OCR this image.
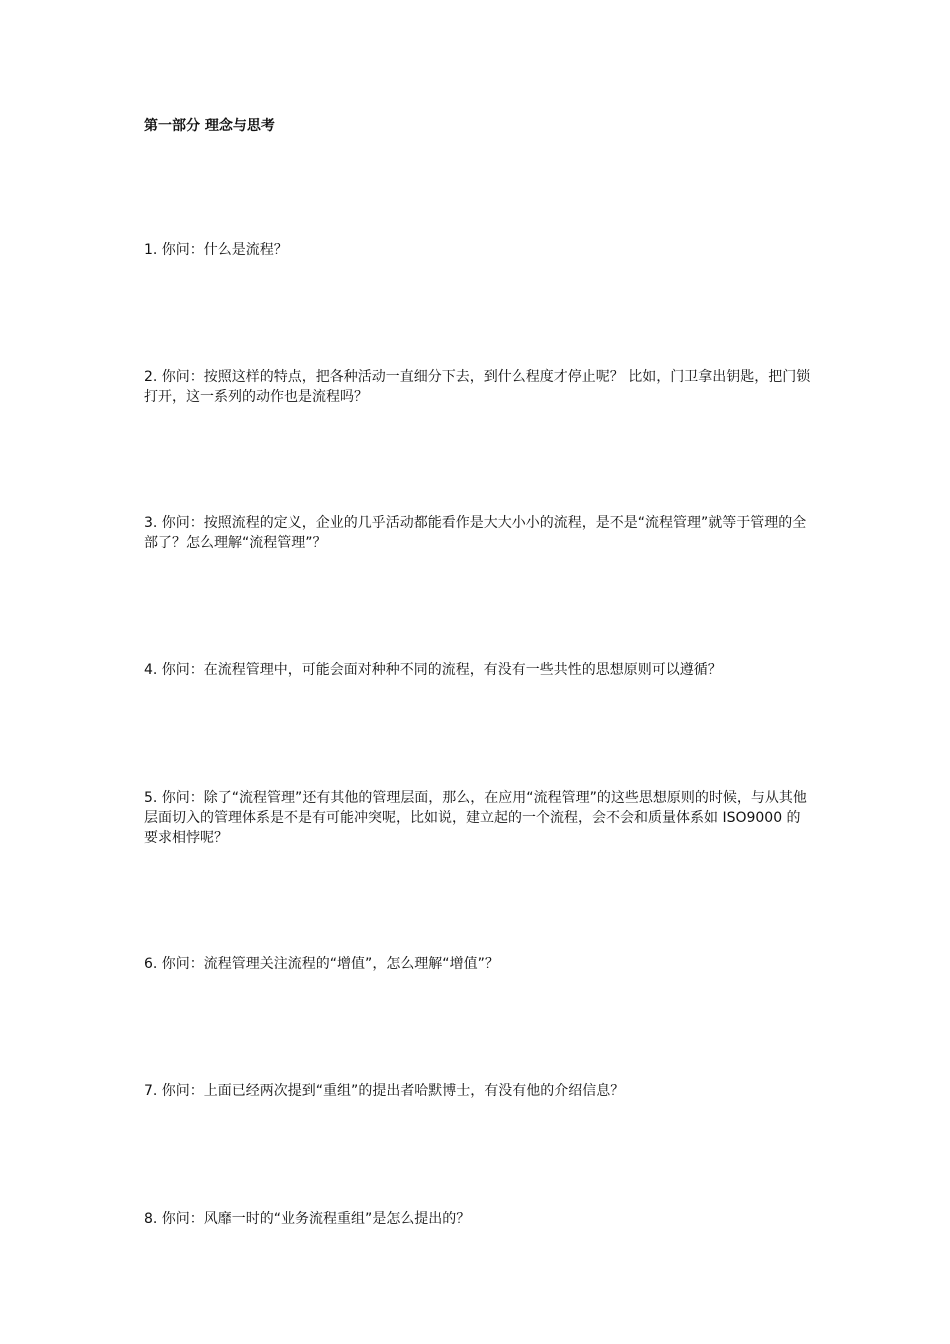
第一部分 理念与思考

1. 你问：什么是流程？

2. 你问：按照这样的特点，把各种活动一直细分下去，到什么程度才停止呢？ 比如，门卫拿出钥匙，把门锁打开，这一系列的动作也是流程吗？

3. 你问：按照流程的定义，企业的几乎活动都能看作是大大小小的流程，是不是“流程管理”就等于管理的全部了？怎么理解“流程管理”？

4. 你问：在流程管理中，可能会面对种种不同的流程，有没有一些共性的思想原则可以遵循？

5. 你问：除了“流程管理”还有其他的管理层面，那么，在应用“流程管理”的这些思想原则的时候，与从其他层面切入的管理体系是不是有可能冲突呢，比如说，建立起的一个流程，会不会和质量体系如 ISO9000 的要求相悖呢？

6. 你问：流程管理关注流程的“增值”，怎么理解“增值”？

7. 你问：上面已经两次提到“重组”的提出者哈默博士，有没有他的介绍信息？

8. 你问：风靡一时的“业务流程重组”是怎么提出的？
